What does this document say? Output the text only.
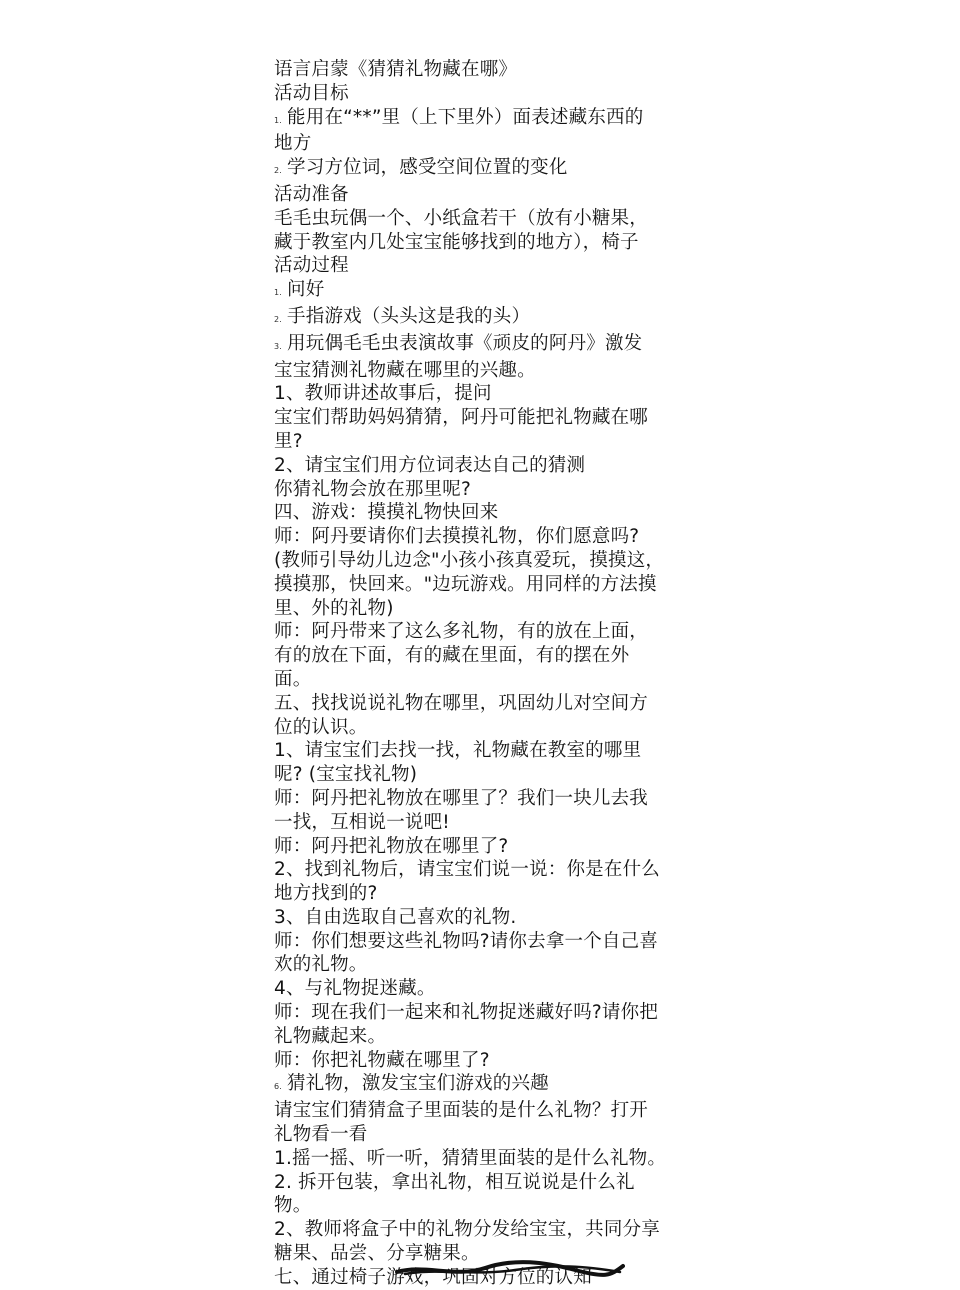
语言启蒙《猜猜礼物藏在哪》
活动目标
1. 能用在“**”里（上下里外）面表述藏东西的
地方
2. 学习方位词，感受空间位置的变化
活动准备
毛毛虫玩偶一个、小纸盒若干（放有小糖果，
藏于教室内几处宝宝能够找到的地方），椅子
活动过程
1. 问好
2. 手指游戏（头头这是我的头）
3. 用玩偶毛毛虫表演故事《顽皮的阿丹》激发
宝宝猜测礼物藏在哪里的兴趣。
1、教师讲述故事后，提问
宝宝们帮助妈妈猜猜，阿丹可能把礼物藏在哪
里?
2、请宝宝们用方位词表达自己的猜测
你猜礼物会放在那里呢?
四、游戏：摸摸礼物快回来
师：阿丹要请你们去摸摸礼物，你们愿意吗?
(教师引导幼儿边念"小孩小孩真爱玩，摸摸这，
摸摸那，快回来。"边玩游戏。用同样的方法摸
里、外的礼物)
师：阿丹带来了这么多礼物，有的放在上面，
有的放在下面，有的藏在里面，有的摆在外
面。
五、找找说说礼物在哪里，巩固幼儿对空间方
位的认识。
1、请宝宝们去找一找，礼物藏在教室的哪里
呢? (宝宝找礼物)
师：阿丹把礼物放在哪里了？我们一块儿去我
一找，互相说一说吧!
师：阿丹把礼物放在哪里了?
2、找到礼物后，请宝宝们说一说：你是在什么
地方找到的?
3、自由选取自己喜欢的礼物.
师：你们想要这些礼物吗?请你去拿一个自己喜
欢的礼物。
4、与礼物捉迷藏。
师：现在我们一起来和礼物捉迷藏好吗?请你把
礼物藏起来。
师：你把礼物藏在哪里了?
6. 猜礼物，激发宝宝们游戏的兴趣
请宝宝们猜猜盒子里面装的是什么礼物？打开
礼物看一看
1.摇一摇、听一听，猜猜里面装的是什么礼物。
2. 拆开包装，拿出礼物，相互说说是什么礼
物。
2、教师将盒子中的礼物分发给宝宝，共同分享
糖果、品尝、分享糖果。
七、通过椅子游戏，巩固对方位的认知
